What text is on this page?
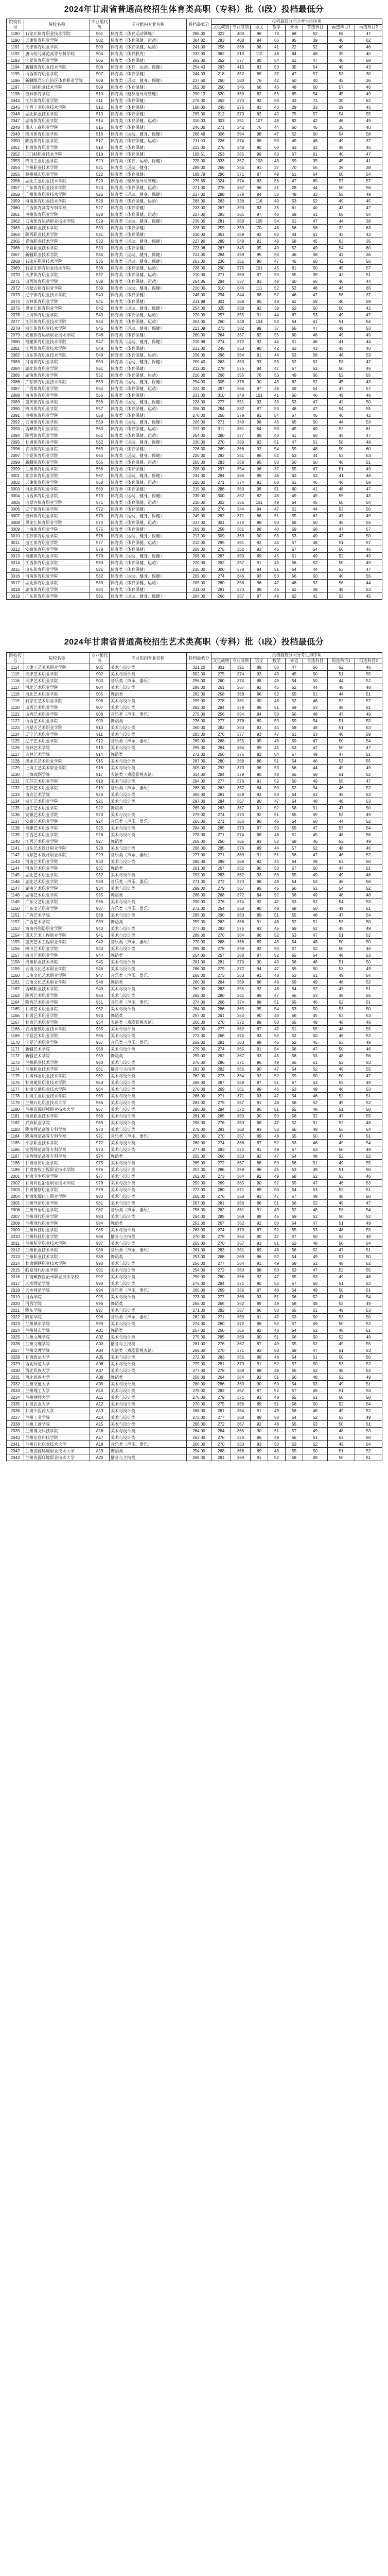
2024年甘肃省普通高校招生体育类高职（专科）批（I段）投档最低分
院校代号	院校名称	专业组代码	专业组内专业名称	投档最低分	投档最低分同分考生排序项							
					文化成绩	专业成绩	语文	数学	外语	首选科目	再选科目1	再选科目2
1180	石家庄体育职业技术学院	501	体育类（体育运动训练）	286.00	322	400	96	73	68	52	58	47
1190	天津体育职业学院	502	体育类（体育保健、运动）	304.82	283	408	84	66	85	39	40	62
1191	天津体育职业学院	503	体育类（体育保健、运动）	241.00	258	368	98	41	22	52	49	46
1192	唐山幼儿师范高等专科学校	504	体育类（体育教育）	232.00	362	313	112	48	84	48	39	40
1193	宁夏体育职业学院	505	体育类（体育保健）	282.00	252	377	80	54	61	47	40	58
1194	新疆体育职业技术学院	506	体育类（体育、运动、保健）	254.43	293	415	83	50	35	54	49	43
1195	山西体育职业学院	507	体育类（体育保健）	244.03	218	352	89	37	47	57	53	30
1196	新疆维吾尔自治区体育职业学院	508	体育类（运动、健身、保健）	237.60	260	380	76	42	50	40	42	36
1197	三门峡职业技术学院	509	体育类（体育保健）	252.00	250	345	66	46	48	50	57	46
1198	吉林体育学院	510	体育类（健身指导与管理）	290.13	320	363	82	55	65	54	45	49
2044	江苏体育职业学院	511	体育类（体育保健）	276.00	262	373	92	58	43	71	30	62
2045	江西工业职业技术学院	512	体育类（体育保健）	190.00	245	276	83	43	29	33	39	45
2046	湖北职业技术学院	513	体育类（体育保健）	295.00	212	373	82	42	75	57	54	55
2047	湖南体育职业学院	514	体育类（体育保健、运动）	310.03	303	351	107	48	82	42	46	49
2048	重庆工商职业学院	515	体育类（体育保健）	246.00	271	342	76	44	60	45	36	40
2049	四川体育职业学院	516	体育类（运动、健身、保健）	268.49	306	394	98	47	52	50	54	58
2050	陕西体育职业学院	517	体育类（体育保健、运动）	211.00	226	374	88	53	49	46	49	37
2051	甘肃体育职业学院	518	体育类（体育保健）	213.00	276	348	90	60	63	33	48	46
2052	三门峡职业技术学院	519	体育类（体育保健）	199.51	253	365	99	50	57	61	40	47
2053	四川工业职业学院	520	体育类（体育、运动、保健）	225.00	333	357	103	43	59	35	45	41
2054	兰州职业技术学院	521	体育类（运动、健身）	289.00	266	355	91	37	70	55	36	38
2055	滁州城市职业学院	522	体育类（体育保健）	189.79	296	371	87	49	51	64	50	54
2056	湖北工业职业技术学院	523	体育类（健身指导与管理）	275.69	324	374	83	56	47	65	57	57
2057	广东体育职业技术学院	524	体育类（体育保健、运动）	271.00	278	367	96	31	28	44	50	56
2058	广州体育职业技术学院	525	体育类（运动、健身、保健）	237.00	298	378	84	33	48	33	55	49
2059	海南体育职业技术学院	526	体育类（体育保健、运动）	268.00	263	338	116	49	53	52	49	45
2060	广西体育高等专科学校	527	体育类（体育保健）	233.00	267	393	83	35	61	40	43	47
2061	贵州体育职业学院	528	体育类（体育保健、运动）	227.00	293	361	97	40	59	61	55	54
2062	云南体育运动职业技术学院	529	体育类（运动、健身、保健）	236.05	281	369	105	54	51	47	44	38
2063	西藏职业技术学院	530	体育类（体育保健）	226.00	259	359	70	48	56	58	32	63
2064	陕西职业技术学院	531	体育类（体育保健）	230.00	351	359	92	62	44	51	43	42
2065	青海职业技术学院	532	体育类（运动、健身、保健）	227.90	289	348	91	48	58	45	63	35
2066	宁夏职业技术学院	533	体育类（体育保健）	223.06	267	345	95	49	52	49	54	60
2067	新疆职业技术学院	534	体育类（运动、健身、保健）	213.00	284	359	95	56	46	58	42	36
2068	石家庄职业技术学院	535	体育类（运动、健身、保健）	263.00	236	351	90	47	45	60	42	56
2069	石家庄体育职业技术学院	536	体育类（体育保健、运动）	236.00	290	375	101	45	61	50	45	57
2070	天津体育职业学院	537	体育类（体育保健、运动）	210.00	271	369	87	50	55	39	42	51
2071	山西体育职业学院	538	体育类（体育保健、运动）	254.36	284	337	83	48	60	56	46	44
2072	内蒙古体育职业学院	539	体育类（运动、健身、保健）	210.00	310	346	111	52	52	48	43	65
2073	辽宁体育职业技术学院	540	体育类（体育保健）	246.00	294	344	88	57	46	47	58	37
2074	吉林体育职业学院	541	体育类（体育保健）	231.98	301	368	85	48	62	59	40	59
2075	黑龙江体育职业学院	542	体育类（运动、健身、保健）	254.00	325	368	92	39	52	50	50	42
2076	上海体育职业学院	543	体育类（体育保健、运动）	220.00	257	355	91	44	67	53	49	47
2077	江苏体育职业技术学院	544	体育类（体育保健、运动）	254.00	260	348	104	52	54	41	51	54
2078	浙江体育职业技术学院	545	体育类（运动、健身、保健）	223.39	273	382	99	37	55	47	48	53
2079	安徽体育运动职业技术学院	546	体育类（体育保健）	260.00	264	367	82	55	60	48	49	49
2080	福建体育职业技术学院	547	体育类（运动、健身、保健）	210.96	274	372	92	44	51	46	41	44
2081	江西体育职业技术学院	548	体育类（体育保健）	233.00	245	353	90	42	63	43	45	40
2082	山东体育职业技术学院	549	体育类（体育保健、运动）	236.00	296	364	91	44	53	58	48	53
2083	河南体育职业学院	550	体育类（运动、健身、保健）	200.40	263	353	93	55	52	52	53	47
2084	湖北体育职业学院	551	体育类（体育保健）	212.00	278	375	84	47	57	51	50	46
2085	湖南体育职业学院	552	体育类（体育保健、运动）	210.00	268	355	76	53	49	56	52	55
2086	广东体育职业技术学院	553	体育类（运动、健身、保健）	254.00	305	378	90	45	62	52	45	43
2087	广西体育职业学院	554	体育类（体育保健、运动）	224.00	287	366	97	48	59	54	47	57
2088	海南体育职业学院	555	体育类（体育保健）	233.00	310	348	101	41	50	46	49	48
2089	重庆体育职业学院	556	体育类（运动、健身、保健）	228.00	277	351	93	39	53	47	42	50
2090	四川体育职业学院	557	体育类（体育保健、运动）	206.00	284	382	87	53	48	47	54	55
2091	贵州体育职业学院	558	体育类（体育保健）	270.00	265	379	91	54	57	46	46	42
2092	云南体育职业学院	559	体育类（运动、健身、保健）	206.00	271	349	98	45	65	50	44	53
2093	西藏体育职业学院	560	体育类（体育保健、运动）	212.00	311	361	84	53	45	49	52	61
2094	陕西体育职业学院	561	体育类（体育保健、运动）	254.00	280	377	88	43	61	60	45	47
2095	甘肃体育职业学院	562	体育类（运动、健身、保健）	230.00	270	380	82	51	47	51	58	48
2096	青海体育职业学院	563	体育类（体育保健）	226.30	269	366	92	54	59	48	50	60
2097	宁夏体育职业学院	564	体育类（运动、健身、保健）	220.00	292	351	86	52	53	44	53	53
2098	新疆体育职业学院	565	体育类（体育保健、运动）	205.00	283	368	95	50	50	50	46	51
2099	兰州体育职业学院	566	体育类（体育保健）	208.00	297	354	96	37	55	47	51	49
3001	北京体育职业学院	567	体育类（运动、健身、保健）	234.00	284	366	88	48	63	53	41	48
3002	天津体育职业学院	568	体育类（体育保健、运动）	220.00	271	374	91	50	61	46	46	58
3003	河北体育职业学院	569	体育类（体育保健）	215.00	286	360	98	51	60	41	48	47
3004	山西体育职业学院	570	体育类（运动、健身、保健）	230.00	300	352	82	46	49	45	55	43
3005	内蒙古体育职业学院	571	体育类（体育保健、运动）	210.00	302	355	101	49	64	45	50	54
3006	辽宁体育职业学院	572	体育类（体育保健）	205.00	276	344	94	47	51	44	53	50
3007	吉林体育职业学院	573	体育类（运动、健身、保健）	249.00	282	371	86	51	55	62	47	49
3008	黑龙江体育职业学院	574	体育类（体育保健、运动）	237.00	301	372	99	50	58	50	48	55
3009	上海体育职业学院	575	体育类（体育保健）	209.00	258	361	88	40	59	58	47	57
3010	江苏体育职业学院	576	体育类（运动、健身、保健）	217.00	309	369	90	53	53	49	43	50
3011	浙江体育职业学院	577	体育类（体育保健、运动）	212.00	295	361	92	44	57	48	51	57
3012	安徽体育职业学院	578	体育类（体育保健）	208.00	275	352	93	46	57	54	50	46
3013	福建体育职业学院	579	体育类（运动、健身、保健）	206.00	287	369	89	45	51	49	52	49
3014	江西体育职业学院	580	体育类（体育保健、运动）	220.00	262	357	91	43	56	52	50	49
3015	山东体育职业学院	581	体育类（体育保健）	235.00	300	378	84	51	64	44	53	47
3016	河南体育职业学院	582	体育类（运动、健身、保健）	209.00	274	346	93	50	56	50	40	55
3017	湖北体育职业学院	583	体育类（体育保健、运动）	205.00	280	356	96	47	48	52	56	44
3018	湖南体育职业学院	584	体育类（体育保健）	211.00	291	373	89	45	52	49	49	53
3019	广东体育职业学院	585	体育类（运动、健身、保健）	204.00	266	367	87	48	62	41	53	45
2024年甘肃省普通高校招生艺术类高职（专科）批（I段）投档最低分
院校代号	院校名称	专业组代码	专业组内专业名称	投档最低分	投档最低分同分考生排序项							
					文化成绩	专业成绩	语文	数学	外语	首选科目	再选科目1	再选科目2
1114	天津工艺美术职业学院	901	美术与设计类	321.20	301	391	89	56	47	56	52	46
1115	天津艺术职业学院	902	美术与设计类	302.00	275	374	93	46	45	50	51	55
1116	天津艺术职业学院	903	音乐类（声乐、器乐）	296.00	260	374	88	49	54	50	44	52
1117	河北艺术职业学院	904	美术与设计类	288.00	261	367	92	45	52	44	48	48
1118	河北艺术职业学院	905	舞蹈类	262.00	258	368	86	52	55	51	44	51
1119	石家庄艺术职业学院	906	美术与设计类	299.00	278	381	90	48	52	46	52	57
1120	山西艺术职业学院	907	美术与设计类	282.00	284	378	88	51	59	53	48	51
1121	山西艺术职业学院	908	音乐类（声乐、器乐）	275.00	256	354	94	50	56	48	47	49
1122	山西艺术职业学院	909	舞蹈类	276.00	277	378	89	53	59	54	51	53
1123	内蒙古艺术职业学院	910	美术与设计类	260.00	282	360	83	44	58	48	51	53
1124	辽宁艺术职业学院	911	美术与设计类	283.00	276	377	93	47	51	53	48	59
1125	辽宁艺术职业学院	912	音乐类（声乐、器乐）	265.00	268	355	95	49	59	47	50	54
1126	吉林艺术学院	913	美术与设计类	295.00	284	364	89	45	53	47	50	47
1127	吉林艺术学院	914	舞蹈类	272.00	266	375	92	54	57	49	47	51
1128	黑龙江艺术职业学院	915	美术与设计类	287.00	280	368	86	51	54	46	53	55
1129	上海工艺美术职业学院	916	美术与设计类	305.00	292	373	96	53	56	44	49	49
1130	上海戏剧学院	917	表演类（戏剧影视表演）	314.00	284	379	90	48	55	58	51	52
1131	江苏艺术职业学院	918	美术与设计类	294.00	277	376	91	52	50	49	55	47
1132	江苏艺术职业学院	919	音乐类（声乐、器乐）	268.00	262	357	84	50	52	54	46	52
1133	南京艺术学院	920	美术与设计类	300.00	281	359	93	50	54	51	45	53
1134	浙江艺术职业学院	921	美术与设计类	297.00	284	357	90	47	54	48	48	53
1135	浙江艺术职业学院	922	舞蹈类	265.00	263	367	91	52	58	51	47	50
1136	安徽艺术职业学院	923	美术与设计类	279.00	274	370	92	51	55	55	52	49
1137	安徽艺术职业学院	924	音乐类（声乐、器乐）	266.00	271	366	90	46	54	50	44	52
1138	福建艺术职业学院	925	美术与设计类	284.00	285	373	87	53	55	47	53	54
1139	江西艺术职业学院	926	美术与设计类	278.00	271	374	88	48	51	45	48	56
1140	江西艺术职业学院	927	舞蹈类	258.00	256	365	93	52	58	46	52	49
1141	山东艺术设计职业学院	928	美术与设计类	296.00	285	376	89	44	57	52	48	46
1142	山东艺术设计职业学院	929	音乐类（声乐、器乐）	277.00	271	369	91	51	58	47	46	52
1143	河南艺术职业学院	930	美术与设计类	286.00	289	368	92	44	54	49	52	50
1144	河南艺术职业学院	931	舞蹈类	261.00	267	362	90	50	57	50	47	51
1145	湖北艺术职业学院	932	美术与设计类	293.00	283	362	93	53	55	49	49	48
1146	湖北艺术职业学院	933	音乐类（声乐、器乐）	271.00	272	370	88	49	54	53	46	56
1147	湖南艺术职业学院	934	美术与设计类	299.00	279	367	95	45	56	51	54	52
1148	湖南艺术职业学院	935	舞蹈类	268.00	268	372	84	52	56	49	48	48
1149	广东文艺职业学院	936	美术与设计类	290.00	276	374	92	47	53	52	54	53
1150	广东文艺职业学院	937	音乐类（声乐、器乐）	272.00	264	358	90	48	58	50	49	51
1151	广西艺术学院	938	美术与设计类	288.00	290	363	89	51	55	48	47	54
1152	广西艺术学院	939	舞蹈类	259.00	262	366	91	48	52	51	53	50
1153	海南外国语职业学院	940	美术与设计类	277.00	283	375	93	46	59	52	45	49
1154	重庆艺术工程职业学院	941	美术与设计类	289.00	270	364	86	52	53	47	51	52
1155	重庆艺术工程职业学院	942	音乐类（声乐、器乐）	270.00	268	366	89	45	54	48	50	50
1156	四川艺术职业学院	943	美术与设计类	295.00	278	359	92	50	57	52	50	46
1157	四川艺术职业学院	944	舞蹈类	264.00	257	368	87	52	55	54	48	53
1158	贵州职业技术学院	945	美术与设计类	281.00	281	370	90	49	56	48	51	50
1159	云南文化艺术职业学院	946	美术与设计类	286.00	279	372	94	47	55	50	53	49
1160	云南文化艺术职业学院	947	音乐类（声乐、器乐）	268.00	273	363	91	48	53	51	49	54
1161	云南文化艺术职业学院	948	舞蹈类	260.00	264	369	86	49	59	49	46	52
1162	西藏职业技术学院	949	美术与设计类	262.00	283	355	92	48	54	52	47	51
1163	陕西艺术职业学院	950	美术与设计类	292.00	280	361	89	47	56	53	48	55
1164	陕西艺术职业学院	951	音乐类（声乐、器乐）	274.00	266	374	88	51	55	46	52	51
1165	甘肃艺术职业学院	952	美术与设计类	284.00	286	365	95	54	53	50	53	50
1166	甘肃艺术职业学院	953	舞蹈类	257.00	261	354	90	48	56	45	53	53
1167	甘肃艺术职业学院	954	表演类（戏剧影视表演）	266.00	270	372	89	50	55	49	48	48
1168	青海建筑职业技术学院	955	美术与设计类	265.00	277	362	87	47	51	55	48	55
1169	宁夏艺术职业学院	956	美术与设计类	273.00	266	374	93	52	52	50	46	52
1170	宁夏艺术职业学院	957	音乐类（声乐、器乐）	259.00	281	363	88	46	52	45	53	49
1171	新疆艺术学院	958	美术与设计类	279.00	274	365	91	54	56	47	50	46
1172	新疆艺术学院	959	舞蹈类	255.00	262	367	93	45	58	53	48	56
1173	兰州职业技术学院	960	美术与设计类	276.00	286	371	86	49	55	51	52	53
1174	兰州职业技术学院	961	播音与主持类	283.00	282	365	90	47	54	52	49	55
1175	甘肃林业职业技术学院	962	美术与设计类	262.00	273	354	92	52	59	50	50	47
1176	甘肃建筑职业技术学院	963	美术与设计类	268.00	287	369	87	51	57	53	53	49
1177	甘肃交通职业技术学院	964	美术与设计类	270.00	269	361	89	46	53	49	46	53
1178	甘肃工业职业技术学院	965	美术与设计类	266.00	271	371	93	47	54	46	52	51
1179	兰州石化职业技术大学	966	美术与设计类	283.00	279	367	91	48	58	52	49	52
1180	兰州资源环境职业技术大学	967	美术与设计类	280.00	284	372	86	51	55	48	51	50
1181	酒泉职业技术学院	968	美术与设计类	261.00	265	360	90	50	56	52	47	55
1182	武威职业学院	969	美术与设计类	258.00	276	363	88	47	52	51	52	48
1183	陇南师范高等专科学校	970	美术与设计类	278.00	281	368	93	53	56	48	53	54
1184	陇南师范高等专科学校	971	音乐类（声乐、器乐）	263.00	270	357	89	48	55	50	47	51
1185	平凉职业技术学院	972	美术与设计类	260.00	274	366	87	52	53	46	49	54
1186	定西师范高等专科学校	973	美术与设计类	277.00	283	372	91	49	57	53	50	49
1187	定西师范高等专科学校	974	舞蹈类	255.00	266	363	92	47	54	48	52	52
1188	甘肃财贸职业学院	975	美术与设计类	265.00	272	367	88	50	56	51	49	55
1189	甘肃畜牧工程职业技术学院	976	美术与设计类	257.00	286	359	86	45	53	49	51	50
2001	甘肃卫生职业学院	977	美术与设计类	262.00	273	364	92	49	58	52	53	46
2002	甘肃有色冶金职业技术学院	978	美术与设计类	259.00	269	365	90	52	55	47	46	53
2003	甘肃警察职业学院	979	美术与设计类	272.00	280	371	89	50	54	53	52	51
2004	甘肃能源化工职业学院	980	美术与设计类	260.00	276	358	93	47	57	49	48	50
2005	兰州外语职业学院	981	美术与设计类	267.00	281	366	86	51	56	52	49	47
2006	兰州外语职业学院	982	音乐类（声乐、器乐）	258.00	262	361	91	49	52	48	53	54
2007	兰州现代职业学院	983	美术与设计类	264.00	285	369	88	46	59	51	50	52
2008	兰州现代职业学院	984	舞蹈类	252.00	267	362	92	50	54	47	51	49
2009	兰州科技职业学院	985	美术与设计类	263.00	274	370	87	52	55	53	48	53
2010	兰州科技职业学院	986	播音与主持类	270.00	279	364	90	47	57	50	52	48
2011	兰州航空职业技术学院	987	美术与设计类	265.00	270	367	93	51	53	48	50	54
2012	兰州职业技术学院	988	音乐类（声乐、器乐）	261.00	283	361	89	48	56	52	47	51
2013	兰州职业技术学院	989	舞蹈类	253.00	268	369	86	52	54	49	53	50
2014	甘肃钢铁职业技术学院	990	美术与设计类	256.00	277	364	91	49	58	51	48	52
2015	临夏现代职业学院	991	美术与设计类	254.00	272	360	88	50	53	47	52	55
2016	甘南藏族自治州职业技术学校	992	美术与设计类	250.00	280	366	92	47	55	53	49	48
2017	天水师范学院	993	美术与设计类	276.00	284	371	90	52	57	50	51	53
2018	天水师范学院	994	音乐类（声乐、器乐）	266.00	269	365	87	48	54	49	50	51
2019	河西学院	995	美术与设计类	273.00	277	368	93	51	56	52	47	54
2020	河西学院	996	舞蹈类	256.00	265	362	89	49	58	48	52	49
2021	陇东学院	997	美术与设计类	271.00	282	367	86	50	55	51	49	53
2022	陇东学院	998	音乐类（声乐、器乐）	262.00	271	363	91	47	53	50	53	50
2023	兰州城市学院	999	美术与设计类	274.00	280	372	88	52	57	49	50	52
2024	兰州城市学院	A01	舞蹈类	257.00	266	366	92	48	54	53	48	51
2025	兰州文理学院	A02	美术与设计类	275.00	285	369	90	51	56	50	52	49
2026	兰州文理学院	A03	播音与主持类	281.00	276	367	87	49	55	52	49	55
2027	兰州文理学院	A04	表演类（戏剧影视表演）	268.00	270	371	93	50	58	47	51	53
2028	甘肃政法大学	A05	美术与设计类	272.00	283	365	89	48	54	51	50	50
2029	西北师范大学	A06	美术与设计类	279.00	281	370	91	52	57	50	53	52
2030	西北民族大学	A07	美术与设计类	277.00	278	368	88	49	55	52	48	54
2031	西北民族大学	A08	舞蹈类	258.00	264	364	92	51	56	48	52	49
2032	兰州交通大学	A09	美术与设计类	280.00	286	369	90	50	54	53	49	51
2033	兰州理工大学	A10	美术与设计类	278.00	282	367	87	52	57	49	51	53
2034	兰州财经大学	A11	美术与设计类	276.00	279	371	93	48	55	51	50	50
2035	甘肃农业大学	A12	美术与设计类	270.00	275	366	89	51	56	50	52	54
2036	甘肃中医药大学	A13	美术与设计类	268.00	281	364	91	49	58	48	49	52
2037	兰州工业学院	A14	美术与设计类	273.00	277	368	88	50	54	52	53	49
2038	兰州工商学院	A15	美术与设计类	266.00	272	367	92	48	55	53	50	51
2039	兰州博文科技学院	A16	美术与设计类	264.00	284	365	90	51	57	49	48	53
2040	兰州信息科技学院	A17	美术与设计类	262.00	276	370	86	49	56	51	52	50
2041	兰州石化职业技术大学	A18	音乐类（声乐、器乐）	260.00	270	363	93	50	53	52	49	54
2042	兰州资源环境职业技术大学	A19	舞蹈类	254.00	268	366	89	48	55	50	51	52
2043	兰州资源环境职业技术大学	A20	播音与主持类	269.00	281	369	91	52	58	49	50	51
